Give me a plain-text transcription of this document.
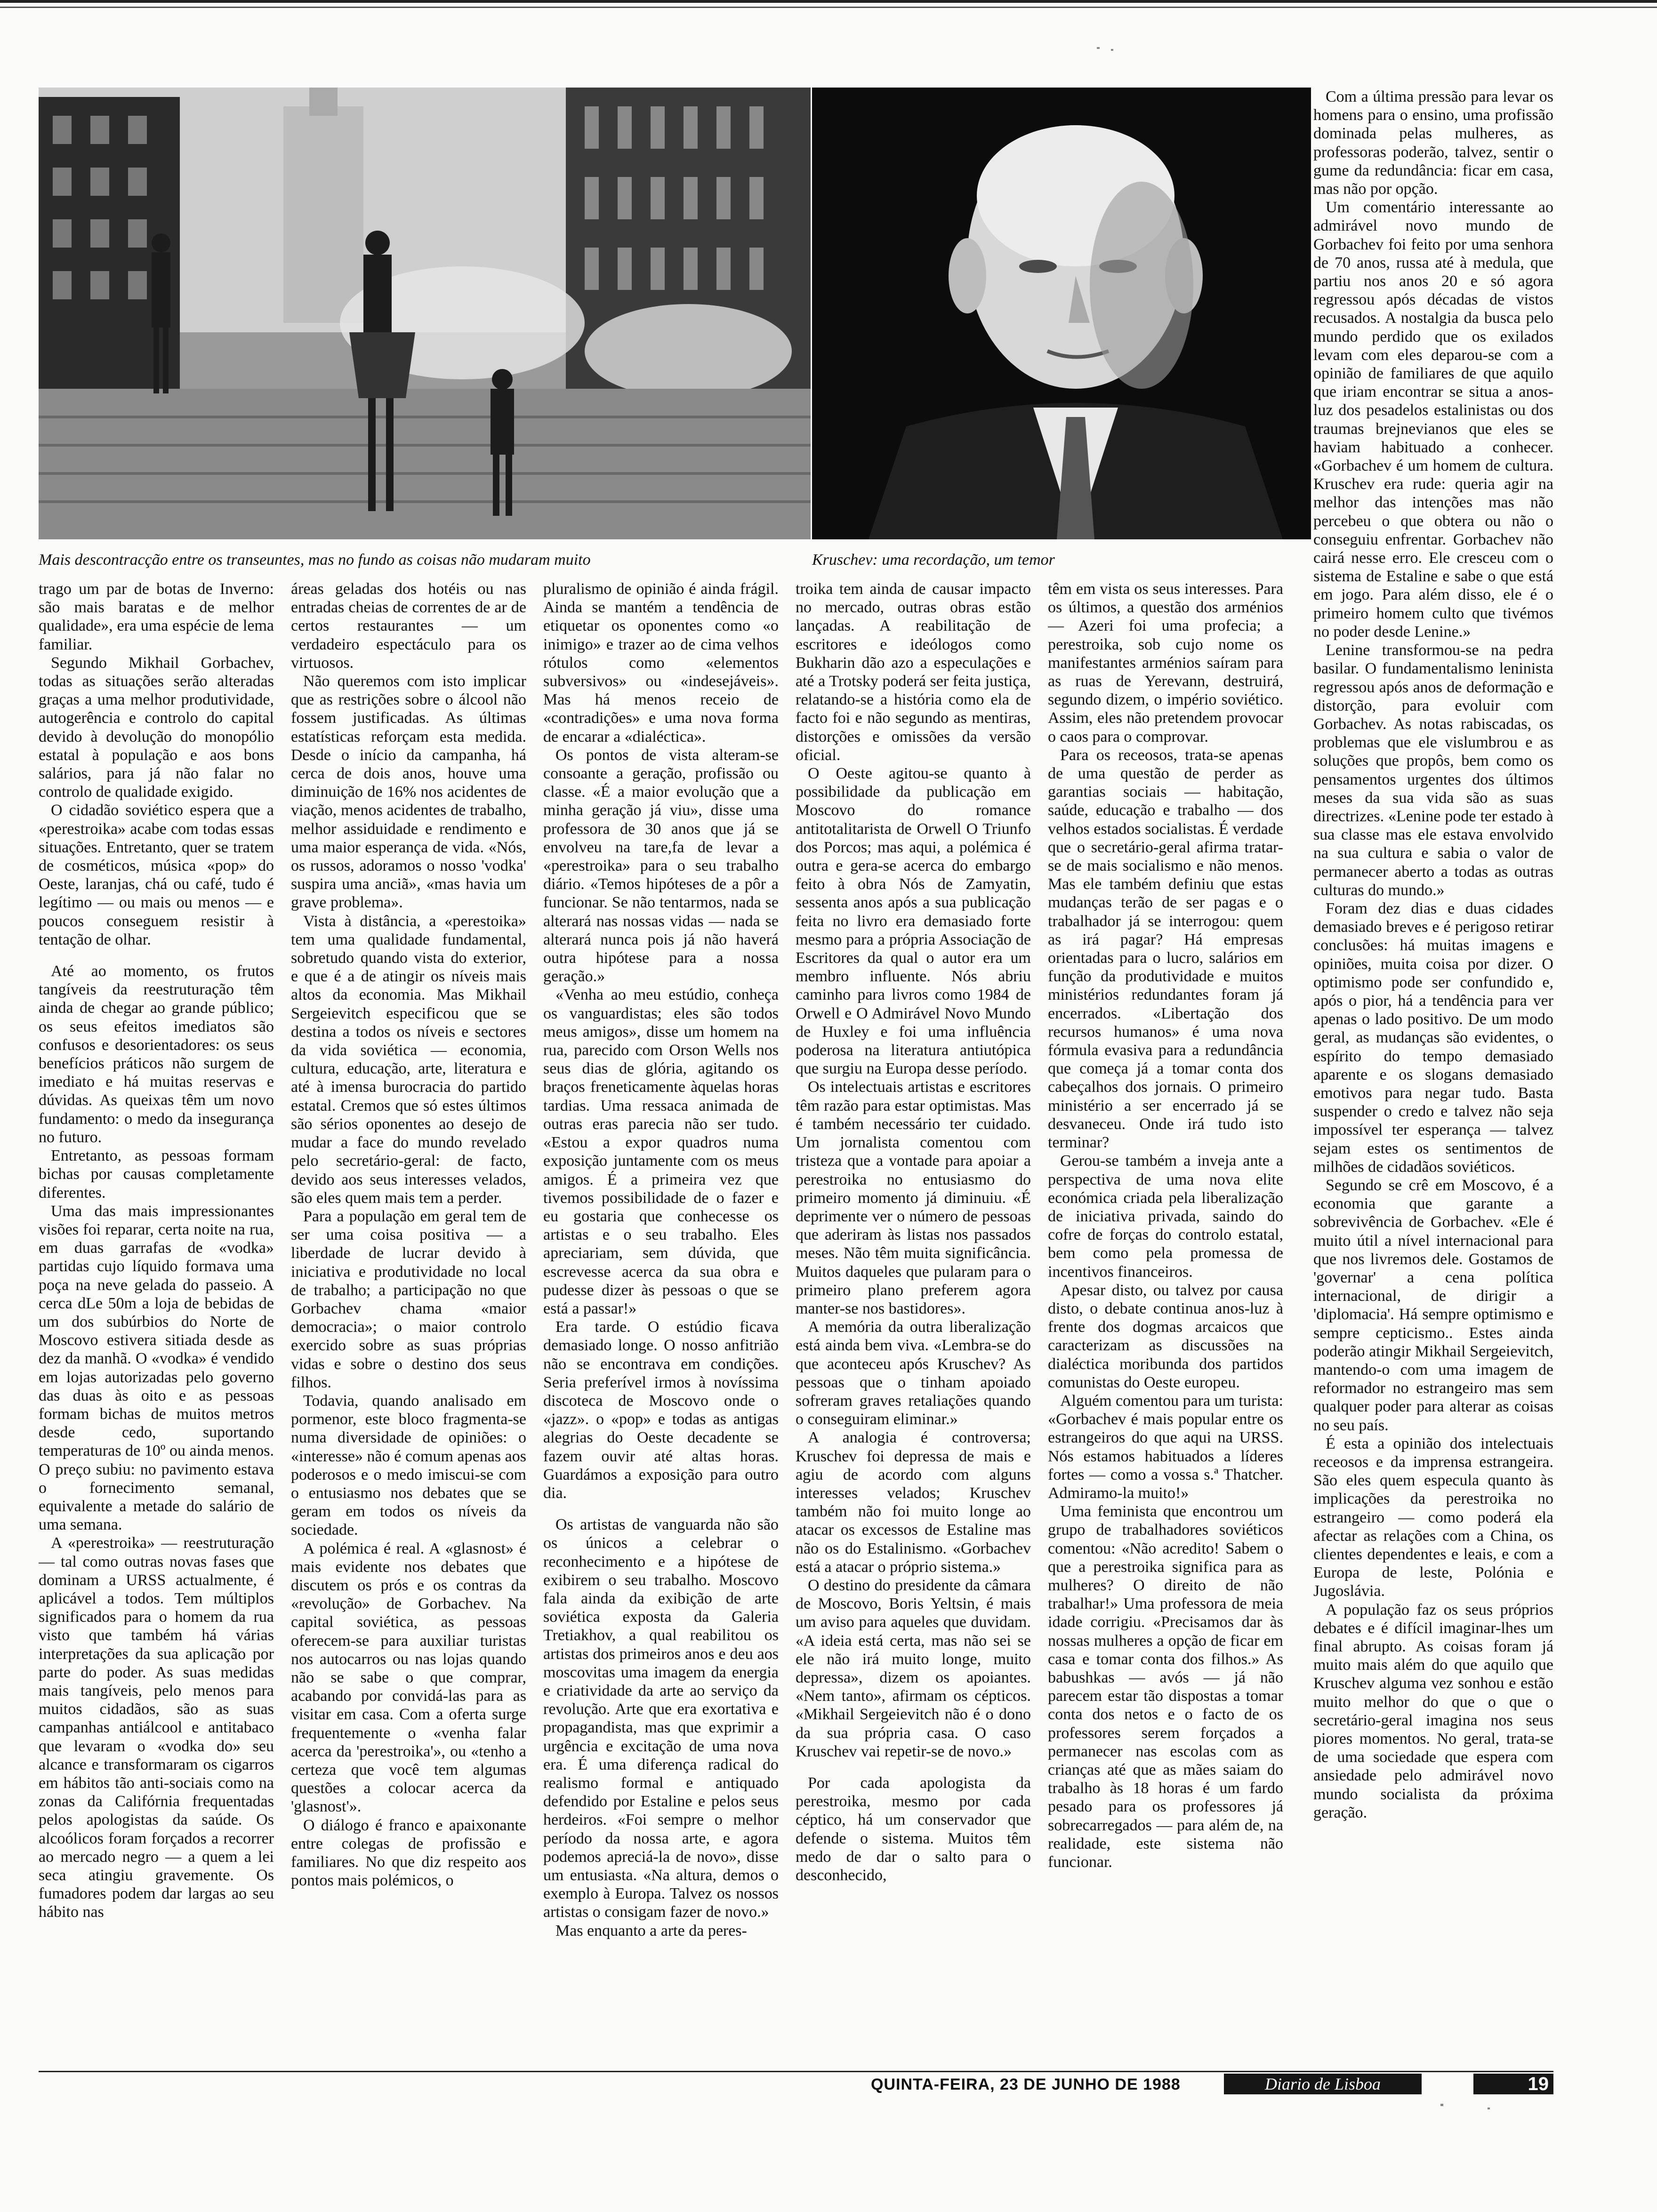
Mais descontracção entre os transeuntes, mas no fundo as coisas não mudaram muito	Kruschev: uma recordação, um temor

trago um par de botas de Inverno: são mais baratas e de melhor qualidade», era uma espécie de lema familiar.

Segundo Mikhail Gorbachev, todas as situações serão alteradas graças a uma melhor produtividade, autogerência e controlo do capital devido à devolução do monopólio estatal à população e aos bons salários, para já não falar no controlo de qualidade exigido.

O cidadão soviético espera que a «perestroika» acabe com todas essas situações. Entretanto, quer se tratem de cosméticos, música «pop» do Oeste, laranjas, chá ou café, tudo é legítimo — ou mais ou menos — e poucos conseguem resistir à tentação de olhar.

Até ao momento, os frutos tangíveis da reestruturação têm ainda de chegar ao grande público; os seus efeitos imediatos são confusos e desorientadores: os seus benefícios práticos não surgem de imediato e há muitas reservas e dúvidas. As queixas têm um novo fundamento: o medo da insegurança no futuro.

Entretanto, as pessoas formam bichas por causas completamente diferentes.

Uma das mais impressionantes visões foi reparar, certa noite na rua, em duas garrafas de «vodka» partidas cujo líquido formava uma poça na neve gelada do passeio. A cerca dLe 50m a loja de bebidas de um dos subúrbios do Norte de Moscovo estivera sitiada desde as dez da manhã. O «vodka» é vendido em lojas autorizadas pelo governo das duas às oito e as pessoas formam bichas de muitos metros desde cedo, suportando temperaturas de 10º ou ainda menos. O preço subiu: no pavimento estava o fornecimento semanal, equivalente a metade do salário de uma semana.

A «perestroika» — reestruturação — tal como outras novas fases que dominam a URSS actualmente, é aplicável a todos. Tem múltiplos significados para o homem da rua visto que também há várias interpretações da sua aplicação por parte do poder. As suas medidas mais tangíveis, pelo menos para muitos cidadãos, são as suas campanhas antiálcool e antitabaco que levaram o «vodka do» seu alcance e transformaram os cigarros em hábitos tão anti-sociais como na zonas da Califórnia frequentadas pelos apologistas da saúde. Os alcoólicos foram forçados a recorrer ao mercado negro — a quem a lei seca atingiu gravemente. Os fumadores podem dar largas ao seu hábito nas

áreas geladas dos hotéis ou nas entradas cheias de correntes de ar de certos restaurantes — um verdadeiro espectáculo para os virtuosos.

Não queremos com isto implicar que as restrições sobre o álcool não fossem justificadas. As últimas estatísticas reforçam esta medida. Desde o início da campanha, há cerca de dois anos, houve uma diminuição de 16% nos acidentes de viação, menos acidentes de trabalho, melhor assiduidade e rendimento e uma maior esperança de vida. «Nós, os russos, adoramos o nosso 'vodka' suspira uma anciã», «mas havia um grave problema».

Vista à distância, a «perestoika» tem uma qualidade fundamental, sobretudo quando vista do exterior, e que é a de atingir os níveis mais altos da economia. Mas Mikhail Sergeievitch especificou que se destina a todos os níveis e sectores da vida soviética — economia, cultura, educação, arte, literatura e até à imensa burocracia do partido estatal. Cremos que só estes últimos são sérios oponentes ao desejo de mudar a face do mundo revelado pelo secretário-geral: de facto, devido aos seus interesses velados, são eles quem mais tem a perder.

Para a população em geral tem de ser uma coisa positiva — a liberdade de lucrar devido à iniciativa e produtividade no local de trabalho; a participação no que Gorbachev chama «maior democracia»; o maior controlo exercido sobre as suas próprias vidas e sobre o destino dos seus filhos.

Todavia, quando analisado em pormenor, este bloco fragmenta-se numa diversidade de opiniões: o «interesse» não é comum apenas aos poderosos e o medo imiscui-se com o entusiasmo nos debates que se geram em todos os níveis da sociedade.

A polémica é real. A «glasnost» é mais evidente nos debates que discutem os prós e os contras da «revolução» de Gorbachev. Na capital soviética, as pessoas oferecem-se para auxiliar turistas nos autocarros ou nas lojas quando não se sabe o que comprar, acabando por convidá-las para as visitar em casa. Com a oferta surge frequentemente o «venha falar acerca da 'perestroika'», ou «tenho a certeza que você tem algumas questões a colocar acerca da 'glasnost'».

O diálogo é franco e apaixonante entre colegas de profissão e familiares. No que diz respeito aos pontos mais polémicos, o

pluralismo de opinião é ainda frágil. Ainda se mantém a tendência de etiquetar os oponentes como «o inimigo» e trazer ao de cima velhos rótulos como «elementos subversivos» ou «indesejáveis». Mas há menos receio de «contradições» e uma nova forma de encarar a «dialéctica».

Os pontos de vista alteram-se consoante a geração, profissão ou classe. «É a maior evolução que a minha geração já viu», disse uma professora de 30 anos que já se envolveu na tare,fa de levar a «perestroika» para o seu trabalho diário. «Temos hipóteses de a pôr a funcionar. Se não tentarmos, nada se alterará nas nossas vidas — nada se alterará nunca pois já não haverá outra hipótese para a nossa geração.»

«Venha ao meu estúdio, conheça os vanguardistas; eles são todos meus amigos», disse um homem na rua, parecido com Orson Wells nos seus dias de glória, agitando os braços freneticamente àquelas horas tardias. Uma ressaca animada de outras eras parecia não ser tudo. «Estou a expor quadros numa exposição juntamente com os meus amigos. É a primeira vez que tivemos possibilidade de o fazer e eu gostaria que conhecesse os artistas e o seu trabalho. Eles apreciariam, sem dúvida, que escrevesse acerca da sua obra e pudesse dizer às pessoas o que se está a passar!»

Era tarde. O estúdio ficava demasiado longe. O nosso anfitrião não se encontrava em condições. Seria preferível irmos à novíssima discoteca de Moscovo onde o «jazz». o «pop» e todas as antigas alegrias do Oeste decadente se fazem ouvir até altas horas. Guardámos a exposição para outro dia.

Os artistas de vanguarda não são os únicos a celebrar o reconhecimento e a hipótese de exibirem o seu trabalho. Moscovo fala ainda da exibição de arte soviética exposta da Galeria Tretiakhov, a qual reabilitou os artistas dos primeiros anos e deu aos moscovitas uma imagem da energia e criatividade da arte ao serviço da revolução. Arte que era exortativa e propagandista, mas que exprimir a urgência e excitação de uma nova era. É uma diferença radical do realismo formal e antiquado defendido por Estaline e pelos seus herdeiros. «Foi sempre o melhor período da nossa arte, e agora podemos apreciá-la de novo», disse um entusiasta. «Na altura, demos o exemplo à Europa. Talvez os nossos artistas o consigam fazer de novo.»

Mas enquanto a arte da peres-

troika tem ainda de causar impacto no mercado, outras obras estão lançadas. A reabilitação de escritores e ideólogos como Bukharin dão azo a especulações e até a Trotsky poderá ser feita justiça, relatando-se a história como ela de facto foi e não segundo as mentiras, distorções e omissões da versão oficial.

O Oeste agitou-se quanto à possibilidade da publicação em Moscovo do romance antitotalitarista de Orwell O Triunfo dos Porcos; mas aqui, a polémica é outra e gera-se acerca do embargo feito à obra Nós de Zamyatin, sessenta anos após a sua publicação feita no livro era demasiado forte mesmo para a própria Associação de Escritores da qual o autor era um membro influente. Nós abriu caminho para livros como 1984 de Orwell e O Admirável Novo Mundo de Huxley e foi uma influência poderosa na literatura antiutópica que surgiu na Europa desse período.

Os intelectuais artistas e escritores têm razão para estar optimistas. Mas é também necessário ter cuidado. Um jornalista comentou com tristeza que a vontade para apoiar a perestroika no entusiasmo do primeiro momento já diminuiu. «É deprimente ver o número de pessoas que aderiram às listas nos passados meses. Não têm muita significância. Muitos daqueles que pularam para o primeiro plano preferem agora manter-se nos bastidores».

A memória da outra liberalização está ainda bem viva. «Lembra-se do que aconteceu após Kruschev? As pessoas que o tinham apoiado sofreram graves retaliações quando o conseguiram eliminar.»

A analogia é controversa; Kruschev foi depressa de mais e agiu de acordo com alguns interesses velados; Kruschev também não foi muito longe ao atacar os excessos de Estaline mas não os do Estalinismo. «Gorbachev está a atacar o próprio sistema.»

O destino do presidente da câmara de Moscovo, Boris Yeltsin, é mais um aviso para aqueles que duvidam. «A ideia está certa, mas não sei se ele não irá muito longe, muito depressa», dizem os apoiantes. «Nem tanto», afirmam os cépticos. «Mikhail Sergeievitch não é o dono da sua própria casa. O caso Kruschev vai repetir-se de novo.»

Por cada apologista da perestroika, mesmo por cada céptico, há um conservador que defende o sistema. Muitos têm medo de dar o salto para o desconhecido,

têm em vista os seus interesses. Para os últimos, a questão dos arménios — Azeri foi uma profecia; a perestroika, sob cujo nome os manifestantes arménios saíram para as ruas de Yerevann, destruirá, segundo dizem, o império soviético. Assim, eles não pretendem provocar o caos para o comprovar.

Para os receosos, trata-se apenas de uma questão de perder as garantias sociais — habitação, saúde, educação e trabalho — dos velhos estados socialistas. É verdade que o secretário-geral afirma tratar-se de mais socialismo e não menos. Mas ele também definiu que estas mudanças terão de ser pagas e o trabalhador já se interrogou: quem as irá pagar? Há empresas orientadas para o lucro, salários em função da produtividade e muitos ministérios redundantes foram já encerrados. «Libertação dos recursos humanos» é uma nova fórmula evasiva para a redundância que começa já a tomar conta dos cabeçalhos dos jornais. O primeiro ministério a ser encerrado já se desvaneceu. Onde irá tudo isto terminar?

Gerou-se também a inveja ante a perspectiva de uma nova elite económica criada pela liberalização de iniciativa privada, saindo do cofre de forças do controlo estatal, bem como pela promessa de incentivos financeiros.

Apesar disto, ou talvez por causa disto, o debate continua anos-luz à frente dos dogmas arcaicos que caracterizam as discussões na dialéctica moribunda dos partidos comunistas do Oeste europeu.

Alguém comentou para um turista: «Gorbachev é mais popular entre os estrangeiros do que aqui na URSS. Nós estamos habituados a líderes fortes — como a vossa s.ª Thatcher. Admiramo-la muito!»

Uma feminista que encontrou um grupo de trabalhadores soviéticos comentou: «Não acredito! Sabem o que a perestroika significa para as mulheres? O direito de não trabalhar!» Uma professora de meia idade corrigiu. «Precisamos dar às nossas mulheres a opção de ficar em casa e tomar conta dos filhos.» As babushkas — avós — já não parecem estar tão dispostas a tomar conta dos netos e o facto de os professores serem forçados a permanecer nas escolas com as crianças até que as mães saiam do trabalho às 18 horas é um fardo pesado para os professores já sobrecarregados — para além de, na realidade, este sistema não funcionar.

Com a última pressão para levar os homens para o ensino, uma profissão dominada pelas mulheres, as professoras poderão, talvez, sentir o gume da redundância: ficar em casa, mas não por opção.

Um comentário interessante ao admirável novo mundo de Gorbachev foi feito por uma senhora de 70 anos, russa até à medula, que partiu nos anos 20 e só agora regressou após décadas de vistos recusados. A nostalgia da busca pelo mundo perdido que os exilados levam com eles deparou-se com a opinião de familiares de que aquilo que iriam encontrar se situa a anos-luz dos pesadelos estalinistas ou dos traumas brejnevianos que eles se haviam habituado a conhecer. «Gorbachev é um homem de cultura. Kruschev era rude: queria agir na melhor das intenções mas não percebeu o que obtera ou não o conseguiu enfrentar. Gorbachev não cairá nesse erro. Ele cresceu com o sistema de Estaline e sabe o que está em jogo. Para além disso, ele é o primeiro homem culto que tivémos no poder desde Lenine.»

Lenine transformou-se na pedra basilar. O fundamentalismo leninista regressou após anos de deformação e distorção, para evoluir com Gorbachev. As notas rabiscadas, os problemas que ele vislumbrou e as soluções que propôs, bem como os pensamentos urgentes dos últimos meses da sua vida são as suas directrizes. «Lenine pode ter estado à sua classe mas ele estava envolvido na sua cultura e sabia o valor de permanecer aberto a todas as outras culturas do mundo.»

Foram dez dias e duas cidades demasiado breves e é perigoso retirar conclusões: há muitas imagens e opiniões, muita coisa por dizer. O optimismo pode ser confundido e, após o pior, há a tendência para ver apenas o lado positivo. De um modo geral, as mudanças são evidentes, o espírito do tempo demasiado aparente e os slogans demasiado emotivos para negar tudo. Basta suspender o credo e talvez não seja impossível ter esperança — talvez sejam estes os sentimentos de milhões de cidadãos soviéticos.

Segundo se crê em Moscovo, é a economia que garante a sobrevivência de Gorbachev. «Ele é muito útil a nível internacional para que nos livremos dele. Gostamos de 'governar' a cena política internacional, de dirigir a 'diplomacia'. Há sempre optimismo e sempre cepticismo.. Estes ainda poderão atingir Mikhail Sergeievitch, mantendo-o com uma imagem de reformador no estrangeiro mas sem qualquer poder para alterar as coisas no seu país.

É esta a opinião dos intelectuais receosos e da imprensa estrangeira. São eles quem especula quanto às implicações da perestroika no estrangeiro — como poderá ela afectar as relações com a China, os clientes dependentes e leais, e com a Europa de leste, Polónia e Jugoslávia.

A população faz os seus próprios debates e é difícil imaginar-lhes um final abrupto. As coisas foram já muito mais além do que aquilo que Kruschev alguma vez sonhou e estão muito melhor do que o que o secretário-geral imagina nos seus piores momentos. No geral, trata-se de uma sociedade que espera com ansiedade pelo admirável novo mundo socialista da próxima geração.

QUINTA-FEIRA, 23 DE JUNHO DE 1988	Diario de Lisboa	19
